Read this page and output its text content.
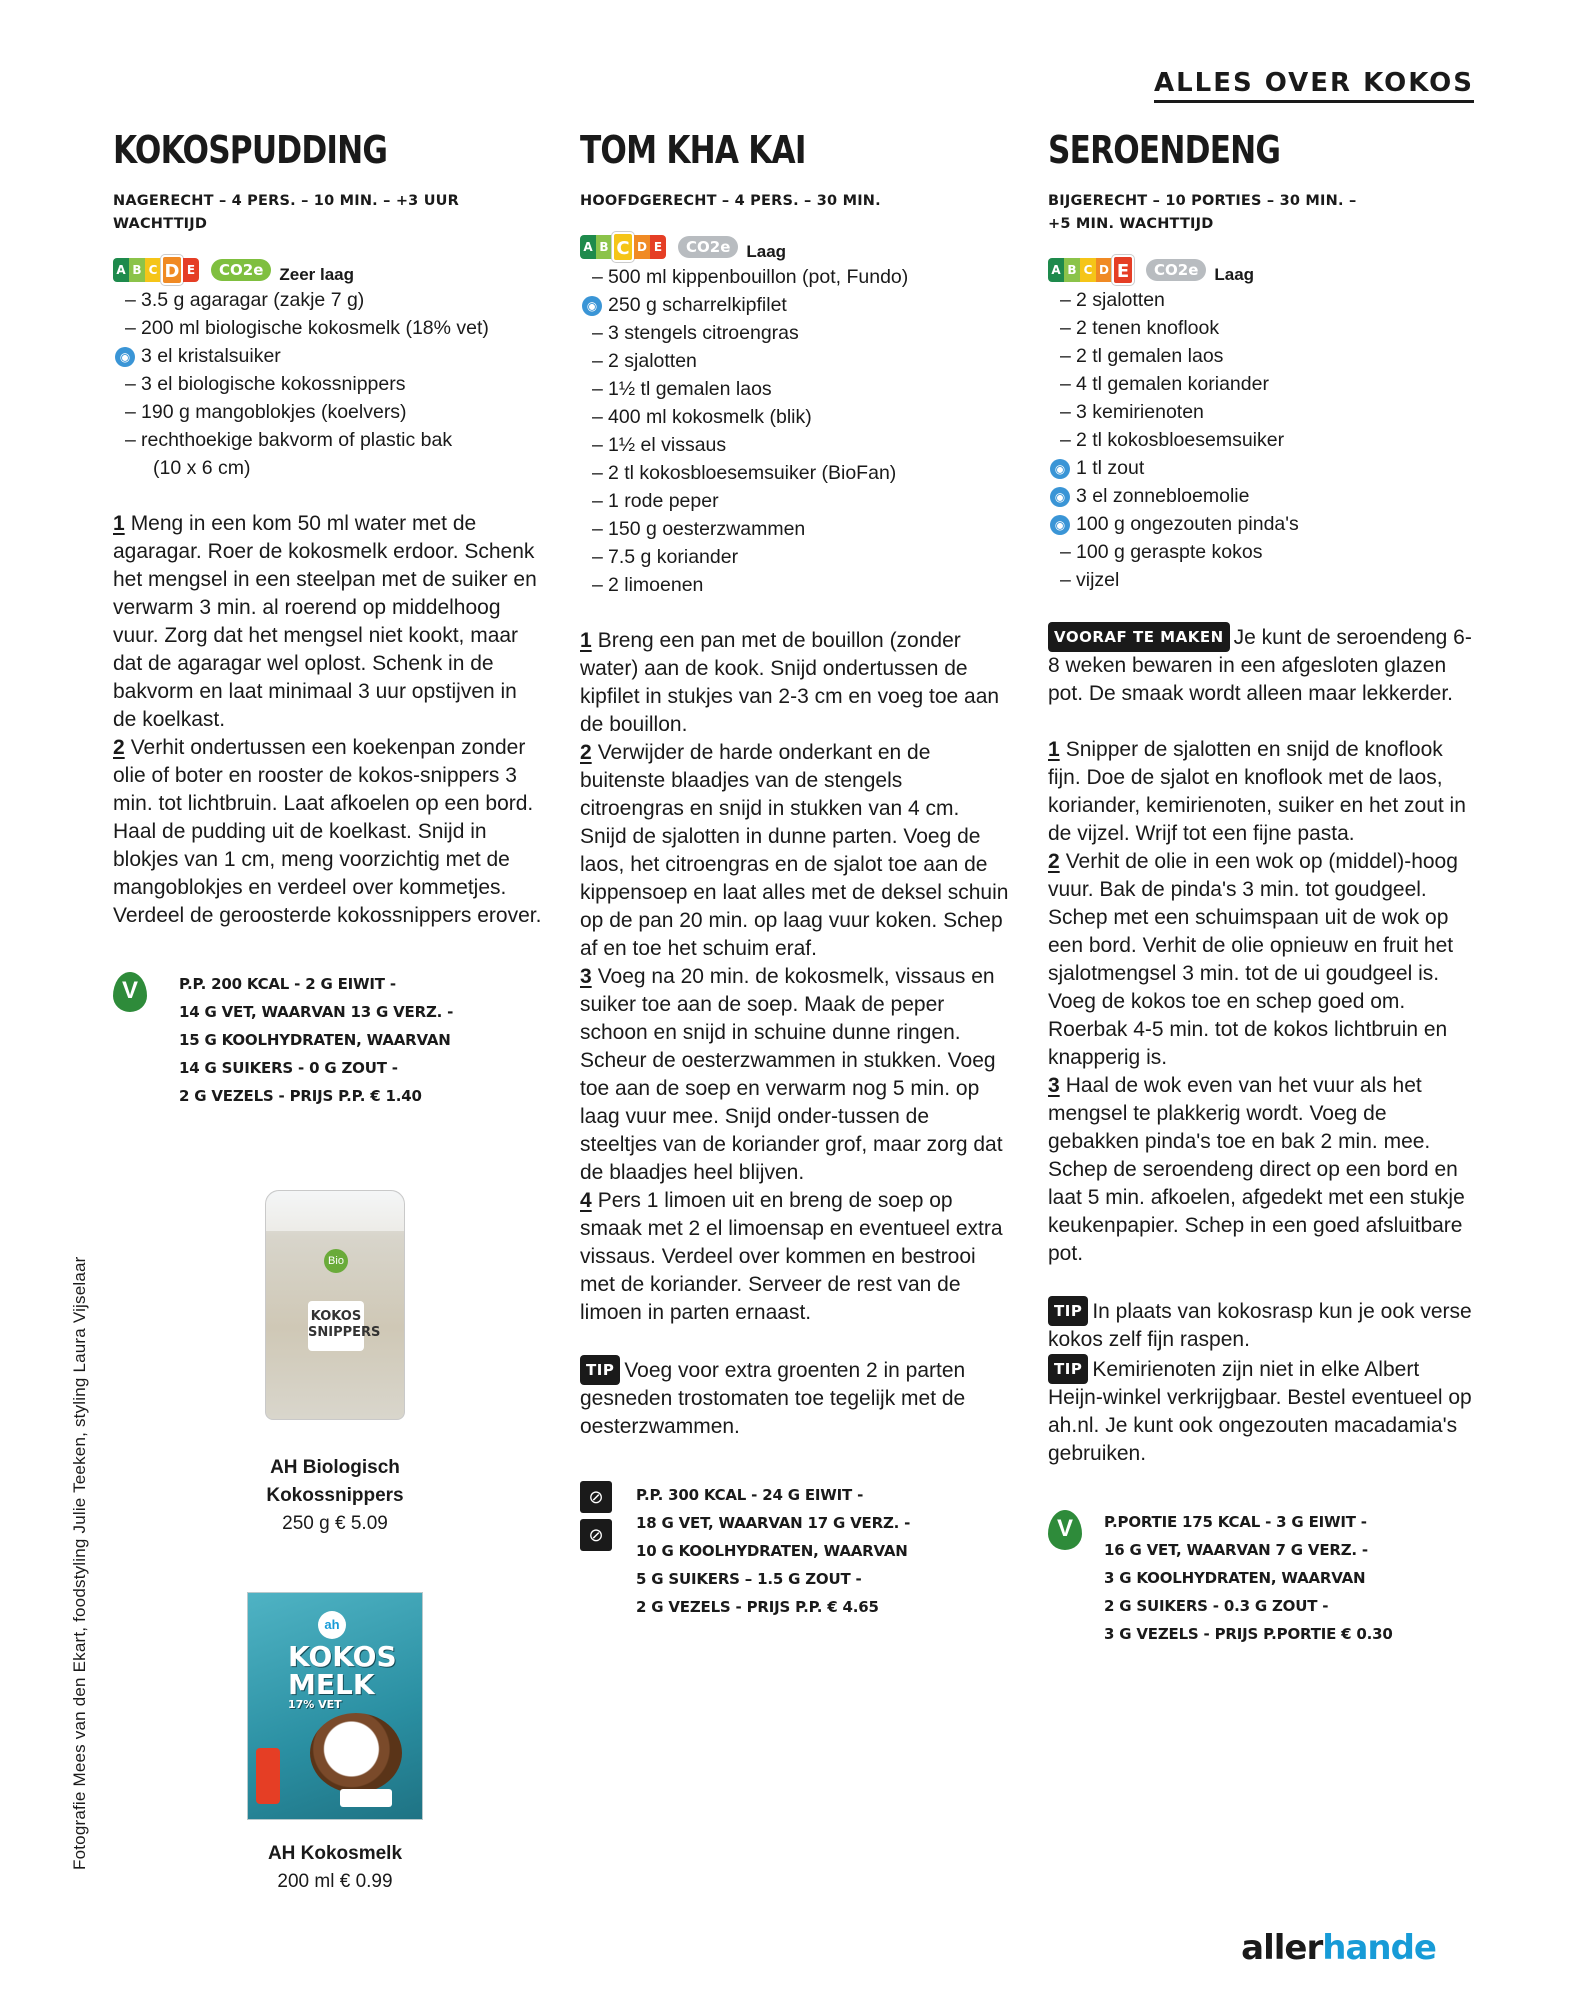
ALLES OVER KOKOS
KOKOSPUDDING
NAGERECHT – 4 PERS. – 10 MIN. – +3 UUR WACHTTIJD
A B C D E	CO2e Zeer laag
– 3.5 g agaragar (zakje 7 g)
– 200 ml biologische kokosmelk (18% vet)
◉ 3 el kristalsuiker
– 3 el biologische kokossnippers
– 190 g mangoblokjes (koelvers)
– rechthoekige bakvorm of plastic bak
(10 x 6 cm)

1 Meng in een kom 50 ml water met de agaragar. Roer de kokosmelk erdoor. Schenk het mengsel in een steelpan met de suiker en verwarm 3 min. al roerend op middelhoog vuur. Zorg dat het mengsel niet kookt, maar dat de agaragar wel oplost. Schenk in de bakvorm en laat minimaal 3 uur opstijven in de koelkast.

2 Verhit ondertussen een koekenpan zonder olie of boter en rooster de kokos-snippers 3 min. tot lichtbruin. Laat afkoelen op een bord. Haal de pudding uit de koelkast. Snijd in blokjes van 1 cm, meng voorzichtig met de mangoblokjes en verdeel over kommetjes. Verdeel de geroosterde kokossnippers erover.

V	P.P. 200 KCAL - 2 G EIWIT -
14 G VET, WAARVAN 13 G VERZ. -
15 G KOOLHYDRATEN, WAARVAN
14 G SUIKERS - 0 G ZOUT -
2 G VEZELS - PRIJS P.P. € 1.40
Bio
KOKOS SNIPPERS
AH Biologisch
Kokossnippers
250 g € 5.09
ah
KOKOS MELK
17% VET
AH Kokosmelk
200 ml € 0.99
TOM KHA KAI
HOOFDGERECHT – 4 PERS. – 30 MIN.
A B C D E	CO2e Laag
– 500 ml kippenbouillon (pot, Fundo)
◉ 250 g scharrelkipfilet
– 3 stengels citroengras
– 2 sjalotten
– 1½ tl gemalen laos
– 400 ml kokosmelk (blik)
– 1½ el vissaus
– 2 tl kokosbloesemsuiker (BioFan)
– 1 rode peper
– 150 g oesterzwammen
– 7.5 g koriander
– 2 limoenen

1 Breng een pan met de bouillon (zonder water) aan de kook. Snijd ondertussen de kipfilet in stukjes van 2-3 cm en voeg toe aan de bouillon.

2 Verwijder de harde onderkant en de buitenste blaadjes van de stengels citroengras en snijd in stukken van 4 cm. Snijd de sjalotten in dunne parten. Voeg de laos, het citroengras en de sjalot toe aan de kippensoep en laat alles met de deksel schuin op de pan 20 min. op laag vuur koken. Schep af en toe het schuim eraf.

3 Voeg na 20 min. de kokosmelk, vissaus en suiker toe aan de soep. Maak de peper schoon en snijd in schuine dunne ringen. Scheur de oesterzwammen in stukken. Voeg toe aan de soep en verwarm nog 5 min. op laag vuur mee. Snijd onder-tussen de steeltjes van de koriander grof, maar zorg dat de blaadjes heel blijven.

4 Pers 1 limoen uit en breng de soep op smaak met 2 el limoensap en eventueel extra vissaus. Verdeel over kommen en bestrooi met de koriander. Serveer de rest van de limoen in parten ernaast.

TIP Voeg voor extra groenten 2 in parten gesneden trostomaten toe tegelijk met de oesterzwammen.

⊘
⊘
P.P. 300 KCAL - 24 G EIWIT -
18 G VET, WAARVAN 17 G VERZ. -
10 G KOOLHYDRATEN, WAARVAN
5 G SUIKERS – 1.5 G ZOUT -
2 G VEZELS - PRIJS P.P. € 4.65
SEROENDENG
BIJGERECHT – 10 PORTIES – 30 MIN. –
+5 MIN. WACHTTIJD
A B C D E	CO2e Laag
– 2 sjalotten
– 2 tenen knoflook
– 2 tl gemalen laos
– 4 tl gemalen koriander
– 3 kemirienoten
– 2 tl kokosbloesemsuiker
◉ 1 tl zout
◉ 3 el zonnebloemolie
◉ 100 g ongezouten pinda's
– 100 g geraspte kokos
– vijzel

VOORAF TE MAKEN Je kunt de seroendeng 6-8 weken bewaren in een afgesloten glazen pot. De smaak wordt alleen maar lekkerder.

1 Snipper de sjalotten en snijd de knoflook fijn. Doe de sjalot en knoflook met de laos, koriander, kemirienoten, suiker en het zout in de vijzel. Wrijf tot een fijne pasta.

2 Verhit de olie in een wok op (middel)-hoog vuur. Bak de pinda's 3 min. tot goudgeel. Schep met een schuimspaan uit de wok op een bord. Verhit de olie opnieuw en fruit het sjalotmengsel 3 min. tot de ui goudgeel is. Voeg de kokos toe en schep goed om. Roerbak 4-5 min. tot de kokos lichtbruin en knapperig is.

3 Haal de wok even van het vuur als het mengsel te plakkerig wordt. Voeg de gebakken pinda's toe en bak 2 min. mee. Schep de seroendeng direct op een bord en laat 5 min. afkoelen, afgedekt met een stukje keukenpapier. Schep in een goed afsluitbare pot.

TIP In plaats van kokosrasp kun je ook verse kokos zelf fijn raspen.

TIP Kemirienoten zijn niet in elke Albert Heijn-winkel verkrijgbaar. Bestel eventueel op ah.nl. Je kunt ook ongezouten macadamia's gebruiken.

V	P.PORTIE 175 KCAL - 3 G EIWIT -
16 G VET, WAARVAN 7 G VERZ. -
3 G KOOLHYDRATEN, WAARVAN
2 G SUIKERS - 0.3 G ZOUT -
3 G VEZELS - PRIJS P.PORTIE € 0.30
Fotografie Mees van den Ekart, foodstyling Julie Teeken, styling Laura Vijselaar
allerhande
